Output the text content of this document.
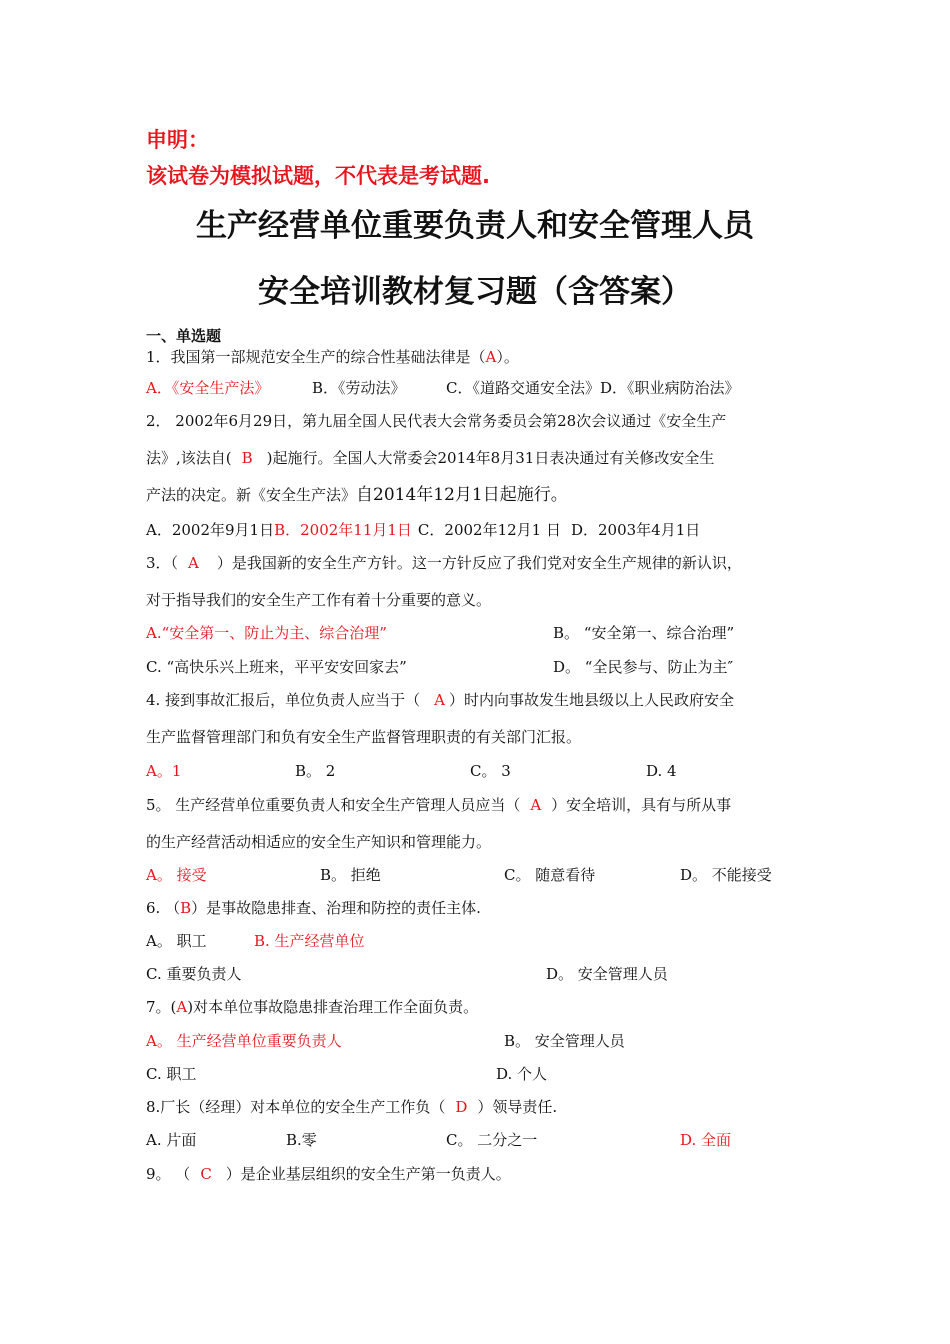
申明：
该试卷为模拟试题，不代表是考试题.
生产经营单位重要负责人和安全管理人员
安全培训教材复习题（含答案）
一、单选题
1．我国第一部规范安全生产的综合性基础法律是（A）。
A．《安全生产法》	B．《劳动法》	C．《道路交通安全法》D．《职业病防治法》
2． 2002年6月29日，第九届全国人民代表大会常务委员会第28次会议通过《安全生产
法》,该法自( B )起施行。全国人大常委会2014年8月31日表决通过有关修改安全生
产法的决定。新《安全生产法》自2014年12月1日起施行。
A．2002年9月1日B．2002年11月1日 C．2002年12月1 日 D．2003年4月1日
3．（ A ）是我国新的安全生产方针。这一方针反应了我们党对安全生产规律的新认识，
对于指导我们的安全生产工作有着十分重要的意义。
A.“安全第一、防止为主、综合治理”	B。 “安全第一、综合治理”
C. “高快乐兴上班来，平平安安回家去”	D。 “全民参与、防止为主″
4. 接到事故汇报后，单位负责人应当于（ A ）时内向事故发生地县级以上人民政府安全
生产监督管理部门和负有安全生产监督管理职责的有关部门汇报。
A。1	B。 2	C。 3	D. 4
5。 生产经营单位重要负责人和安全生产管理人员应当（ A ）安全培训，具有与所从事
的生产经营活动相适应的安全生产知识和管理能力。
A。 接受	B。 拒绝	C。 随意看待	D。 不能接受
6. （B）是事故隐患排查、治理和防控的责任主体.
A。 职工	B. 生产经营单位
C. 重要负责人	D。 安全管理人员
7。(A)对本单位事故隐患排查治理工作全面负责。
A。 生产经营单位重要负责人	B。 安全管理人员
C. 职工	D. 个人
8.厂长（经理）对本单位的安全生产工作负（ D ）领导责任.
A. 片面	B.零	C。 二分之一	D. 全面
9。 （ C ）是企业基层组织的安全生产第一负责人。
